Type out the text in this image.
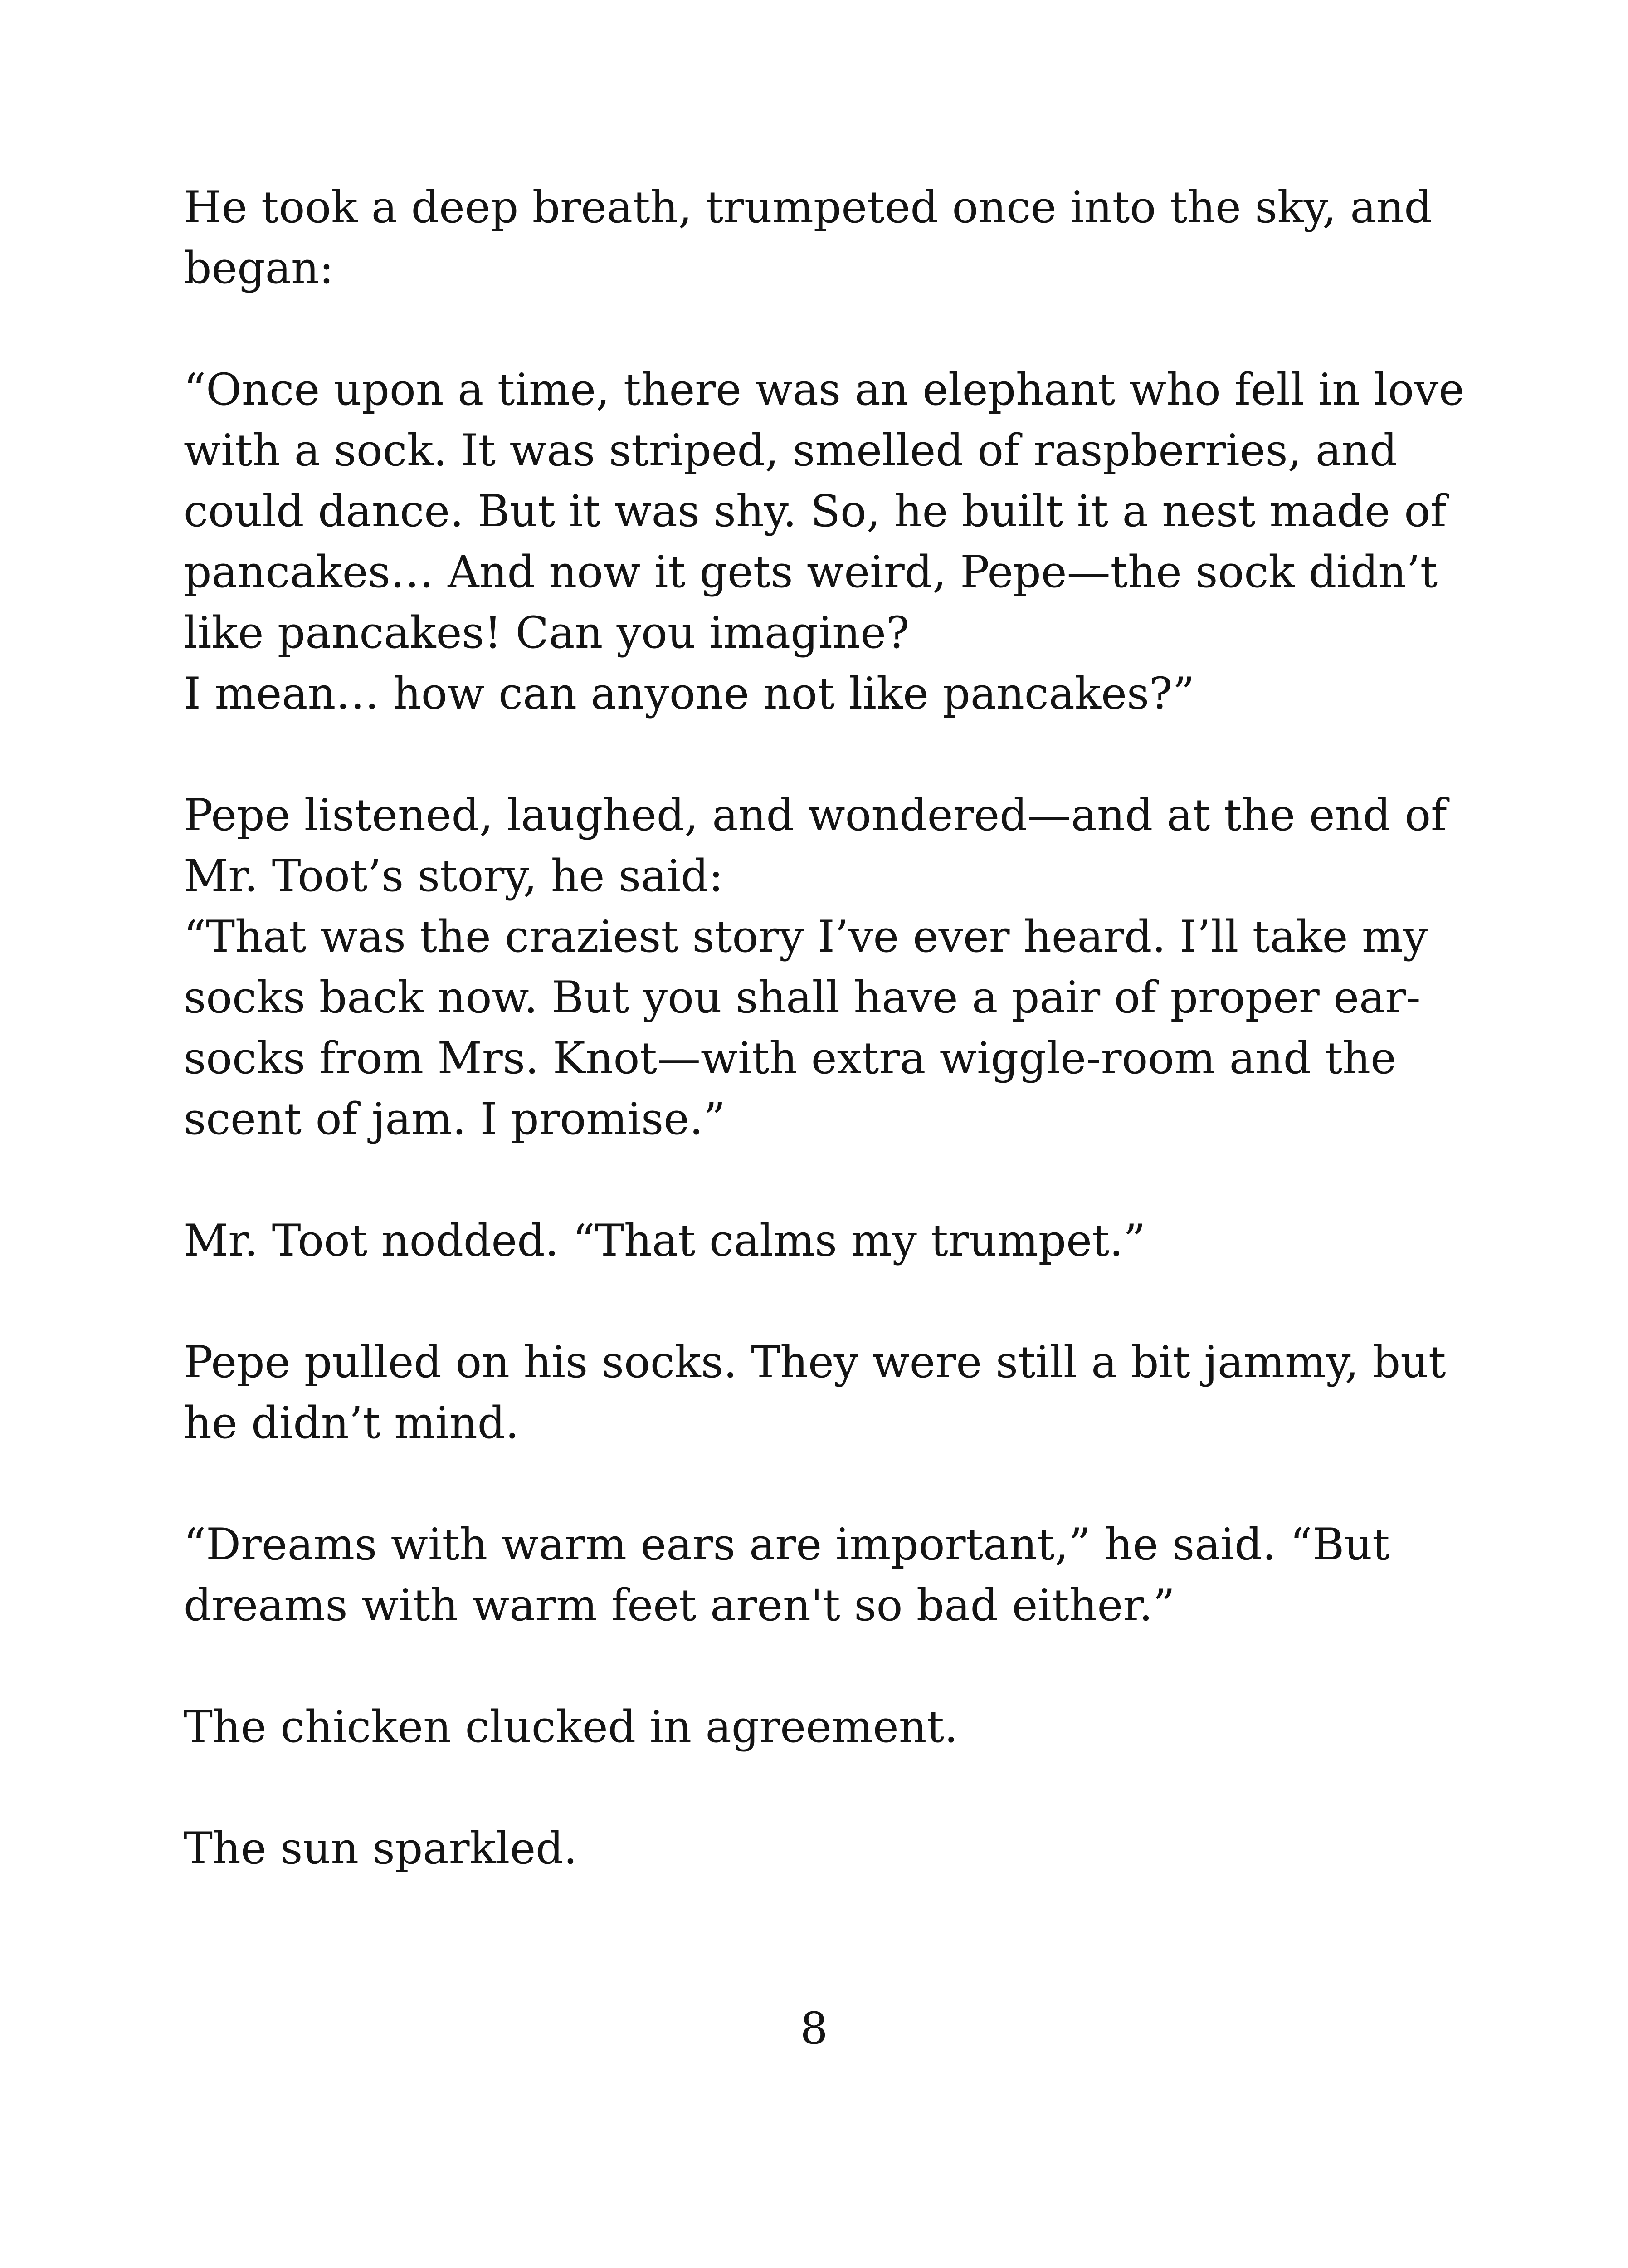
He took a deep breath, trumpeted once into the sky, and
began:

“Once upon a time, there was an elephant who fell in love
with a sock. It was striped, smelled of raspberries, and
could dance. But it was shy. So, he built it a nest made of
pancakes… And now it gets weird, Pepe—the sock didn’t
like pancakes! Can you imagine?
I mean… how can anyone not like pancakes?”

Pepe listened, laughed, and wondered—and at the end of
Mr. Toot’s story, he said:
“That was the craziest story I’ve ever heard. I’ll take my
socks back now. But you shall have a pair of proper ear-
socks from Mrs. Knot—with extra wiggle-room and the
scent of jam. I promise.”

Mr. Toot nodded. “That calms my trumpet.”

Pepe pulled on his socks. They were still a bit jammy, but
he didn’t mind.

“Dreams with warm ears are important,” he said. “But
dreams with warm feet aren't so bad either.”

The chicken clucked in agreement.

The sun sparkled.

8
